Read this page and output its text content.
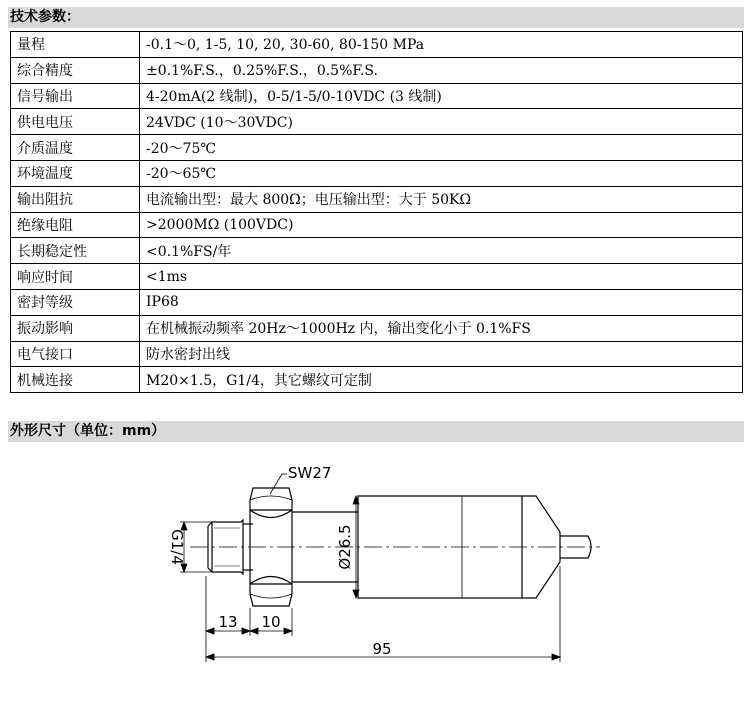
技术参数：
量程	-0.1～0, 1-5, 10, 20, 30-60, 80-150 MPa
综合精度	±0.1%F.S.，0.25%F.S.，0.5%F.S.
信号输出	4-20mA(2 线制)，0-5/1-5/0-10VDC (3 线制)
供电电压	24VDC (10～30VDC)
介质温度	-20～75℃
环境温度	-20～65℃
输出阻抗	电流输出型：最大 800Ω；电压输出型：大于 50KΩ
绝缘电阻	>2000MΩ (100VDC)
长期稳定性	<0.1%FS/年
响应时间	<1ms
密封等级	IP68
振动影响	在机械振动频率 20Hz～1000Hz 内，输出变化小于 0.1%FS
电气接口	防水密封出线
机械连接	M20×1.5，G1/4，其它螺纹可定制
外形尺寸（单位：mm）
SW27
G1/4	Ø26.5
13 10
95
